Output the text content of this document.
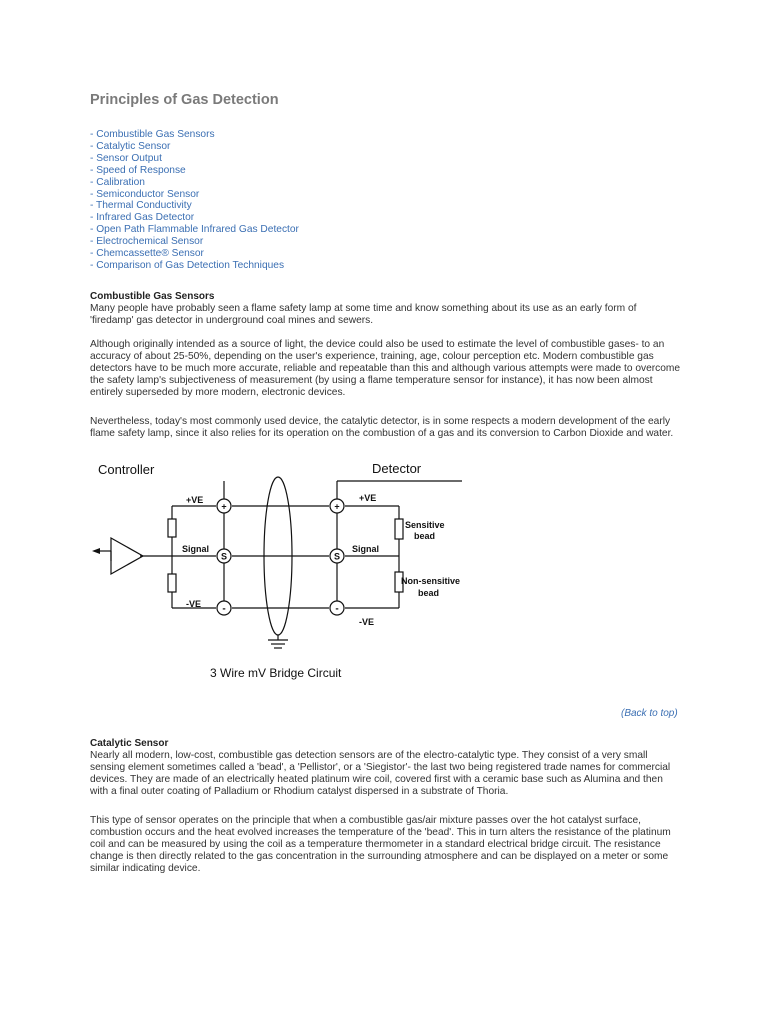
Principles of Gas Detection
- Combustible Gas Sensors
- Catalytic Sensor
- Sensor Output
- Speed of Response
- Calibration
- Semiconductor Sensor
- Thermal Conductivity
- Infrared Gas Detector
- Open Path Flammable Infrared Gas Detector
- Electrochemical Sensor
- Chemcassette® Sensor
- Comparison of Gas Detection Techniques
Combustible Gas Sensors

Many people have probably seen a flame safety lamp at some time and know something about its use as an early form of 'firedamp' gas detector in underground coal mines and sewers.

Although originally intended as a source of light, the device could also be used to estimate the level of combustible gases- to an accuracy of about 25-50%, depending on the user's experience, training, age, colour perception etc. Modern combustible gas detectors have to be much more accurate, reliable and repeatable than this and although various attempts were made to overcome the safety lamp's subjectiveness of measurement (by using a flame temperature sensor for instance), it has now been almost entirely superseded by more modern, electronic devices.

Nevertheless, today's most commonly used device, the catalytic detector, is in some respects a modern development of the early flame safety lamp, since it also relies for its operation on the combustion of a gas and its conversion to Carbon Dioxide and water.

Controller	Detector
+VE	+VE
Signal	Signal
-VE
-VE
+
S
-
+
S
-
Sensitive
bead
Non-sensitive
bead
3 Wire mV Bridge Circuit
(Back to top)
Catalytic Sensor

Nearly all modern, low-cost, combustible gas detection sensors are of the electro-catalytic type. They consist of a very small sensing element sometimes called a 'bead', a 'Pellistor', or a 'Siegistor'- the last two being registered trade names for commercial devices. They are made of an electrically heated platinum wire coil, covered first with a ceramic base such as Alumina and then with a final outer coating of Palladium or Rhodium catalyst dispersed in a substrate of Thoria.

This type of sensor operates on the principle that when a combustible gas/air mixture passes over the hot catalyst surface, combustion occurs and the heat evolved increases the temperature of the 'bead'. This in turn alters the resistance of the platinum coil and can be measured by using the coil as a temperature thermometer in a standard electrical bridge circuit. The resistance change is then directly related to the gas concentration in the surrounding atmosphere and can be displayed on a meter or some similar indicating device.
